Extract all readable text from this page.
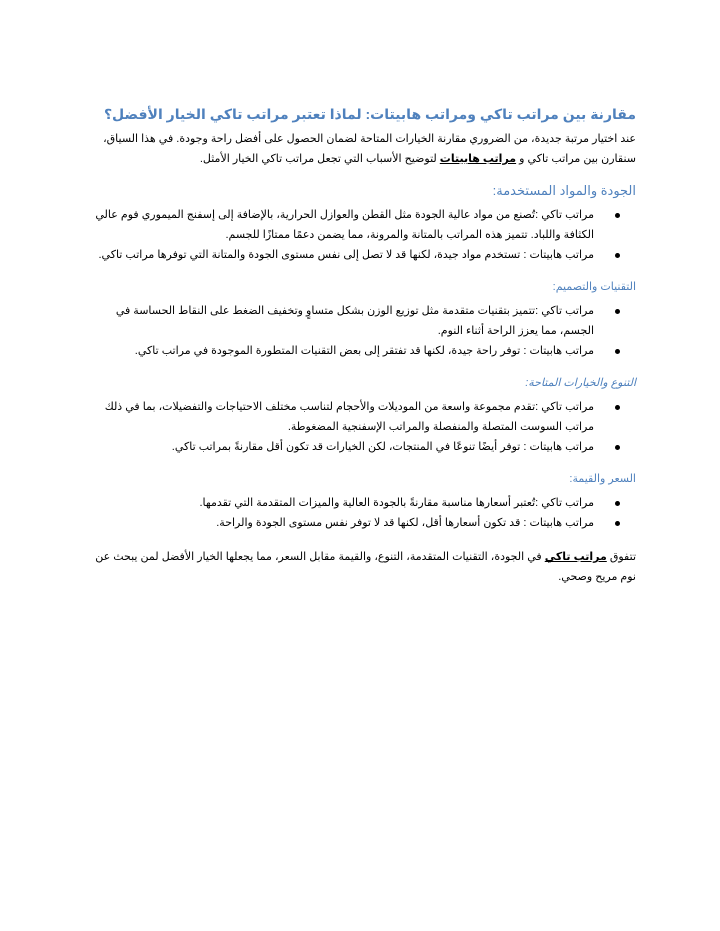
مقارنة بين مراتب تاكي ومراتب هابيتات: لماذا تعتبر مراتب تاكي الخيار الأفضل؟

عند اختيار مرتبة جديدة، من الضروري مقارنة الخيارات المتاحة لضمان الحصول على أفضل راحة وجودة. في هذا السياق، سنقارن بين مراتب تاكي و مراتب هابيتات لتوضيح الأسباب التي تجعل مراتب تاكي الخيار الأمثل.

الجودة والمواد المستخدمة:
مراتب تاكي :تُصنع من مواد عالية الجودة مثل القطن والعوازل الحرارية، بالإضافة إلى إسفنج الميموري فوم عالي الكثافة واللباد. تتميز هذه المراتب بالمتانة والمرونة، مما يضمن دعمًا ممتازًا للجسم.
مراتب هابيتات : تستخدم مواد جيدة، لكنها قد لا تصل إلى نفس مستوى الجودة والمتانة التي توفرها مراتب تاكي.
التقنيات والتصميم:
مراتب تاكي :تتميز بتقنيات متقدمة مثل توزيع الوزن بشكل متساوٍ وتخفيف الضغط على النقاط الحساسة في الجسم، مما يعزز الراحة أثناء النوم.
مراتب هابيتات : توفر راحة جيدة، لكنها قد تفتقر إلى بعض التقنيات المتطورة الموجودة في مراتب تاكي.
التنوع والخيارات المتاحة:
مراتب تاكي :تقدم مجموعة واسعة من الموديلات والأحجام لتناسب مختلف الاحتياجات والتفضيلات، بما في ذلك مراتب السوست المتصلة والمنفصلة والمراتب الإسفنجية المضغوطة.
مراتب هابيتات : توفر أيضًا تنوعًا في المنتجات، لكن الخيارات قد تكون أقل مقارنةً بمراتب تاكي.
السعر والقيمة:
مراتب تاكي :تُعتبر أسعارها مناسبة مقارنةً بالجودة العالية والميزات المتقدمة التي تقدمها.
مراتب هابيتات : قد تكون أسعارها أقل، لكنها قد لا توفر نفس مستوى الجودة والراحة.

تتفوق مراتب تاكي في الجودة، التقنيات المتقدمة، التنوع، والقيمة مقابل السعر، مما يجعلها الخيار الأفضل لمن يبحث عن نوم مريح وصحي.
